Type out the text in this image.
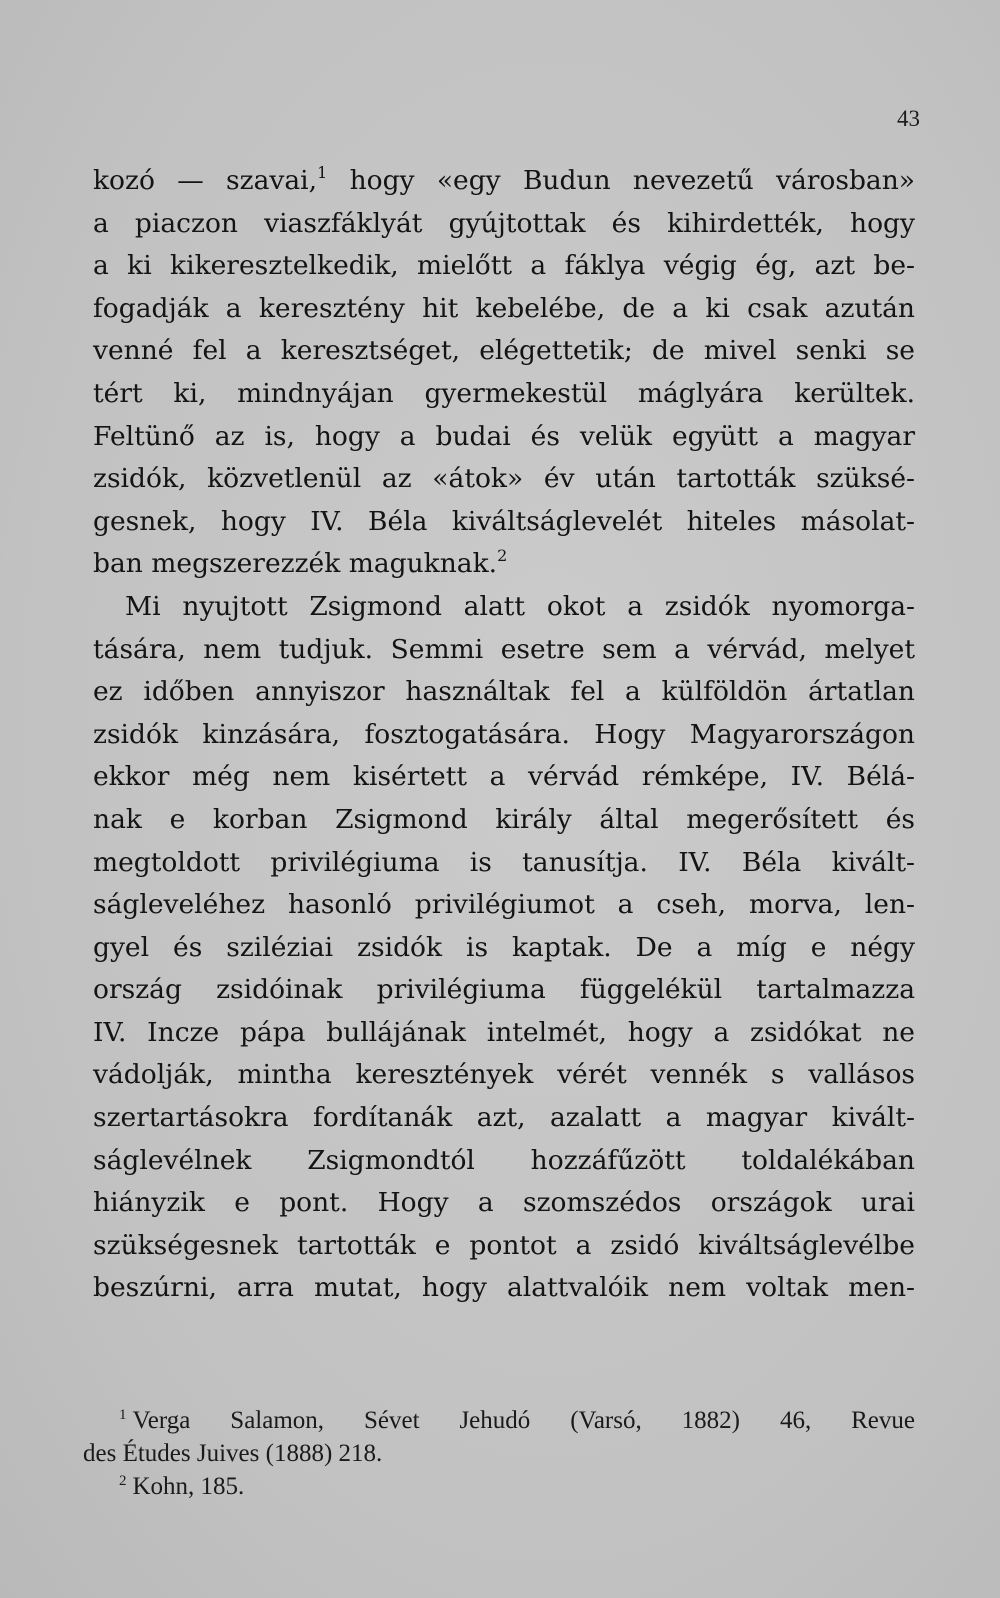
43
kozó — szavai,$^1$ hogy «egy Budun nevezetű városban»
a piaczon viaszfáklyát gyújtottak és kihirdették, hogy
a ki kikeresztelkedik, mielőtt a fáklya végig ég, azt be-
fogadják a keresztény hit kebelébe, de a ki csak azután
venné fel a keresztséget, elégettetik; de mivel senki se
tért ki, mindnyájan gyermekestül máglyára kerültek.
Feltünő az is, hogy a budai és velük együtt a magyar
zsidók, közvetlenül az «átok» év után tartották szüksé-
gesnek, hogy IV. Béla kiváltságlevelét hiteles másolat-
ban megszerezzék maguknak.$^2$
Mi nyujtott Zsigmond alatt okot a zsidók nyomorga-
tására, nem tudjuk. Semmi esetre sem a vérvád, melyet
ez időben annyiszor használtak fel a külföldön ártatlan
zsidók kinzására, fosztogatására. Hogy Magyarországon
ekkor még nem kisértett a vérvád rémképe, IV. Bélá-
nak e korban Zsigmond király által megerősített és
megtoldott privilégiuma is tanusítja. IV. Béla kivált-
ságleveléhez hasonló privilégiumot a cseh, morva, len-
gyel és sziléziai zsidók is kaptak. De a míg e négy
ország zsidóinak privilégiuma függelékül tartalmazza
IV. Incze pápa bullájának intelmét, hogy a zsidókat ne
vádolják, mintha keresztények vérét vennék s vallásos
szertartásokra fordítanák azt, azalatt a magyar kivált-
ságlevélnek Zsigmondtól hozzáfűzött toldalékában
hiányzik e pont. Hogy a szomszédos országok urai
szükségesnek tartották e pontot a zsidó kiváltságlevélbe
beszúrni, arra mutat, hogy alattvalóik nem voltak men-
$^1$ Verga Salamon, Sévet Jehudó (Varsó, 1882) 46, Revue
des Études Juives (1888) 218.
$^2$ Kohn, 185.
